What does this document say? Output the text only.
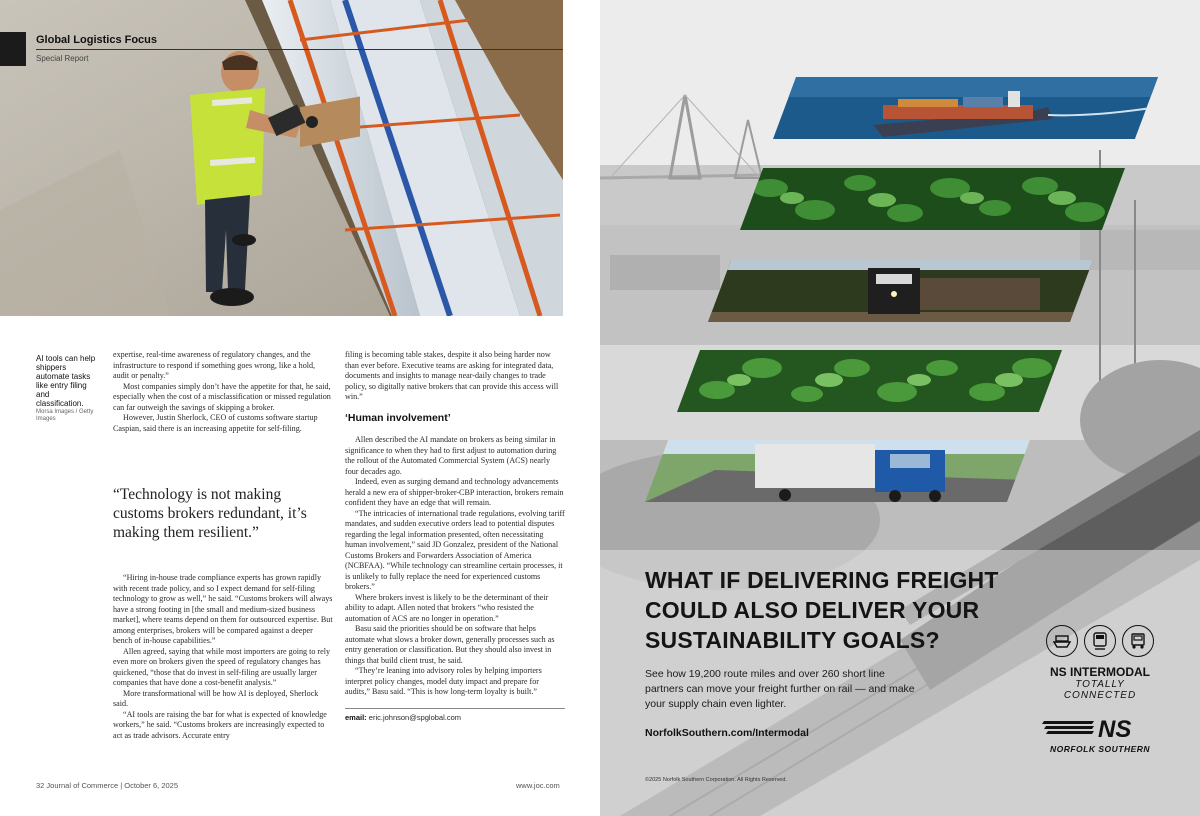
Global Logistics Focus
Special Report
AI tools can help shippers automate tasks like entry filing and classification.
Morsa Images / Getty Images

expertise, real-time awareness of regulatory changes, and the infrastructure to respond if something goes wrong, like a hold, audit or penalty.”

Most companies simply don’t have the appetite for that, he said, especially when the cost of a misclassification or missed regulation can far outweigh the savings of skipping a broker.

However, Justin Sherlock, CEO of customs software startup Caspian, said there is an increasing appetite for self-filing.

“Technology is not making customs brokers redundant, it’s making them resilient.”

“Hiring in-house trade compliance experts has grown rapidly with recent trade policy, and so I expect demand for self-filing technology to grow as well,” he said. “Customs brokers will always have a strong footing in [the small and medium-sized business market], where teams depend on them for outsourced expertise. But among enterprises, brokers will be compared against a deeper bench of in-house capabilities.”

Allen agreed, saying that while most importers are going to rely even more on brokers given the speed of regulatory changes has quickened, “those that do invest in self-filing are usually larger companies that have done a cost-benefit analysis.”

More transformational will be how AI is deployed, Sherlock said.

“AI tools are raising the bar for what is expected of knowledge workers,” he said. “Customs brokers are increasingly expected to act as trade advisors. Accurate entry

filing is becoming table stakes, despite it also being harder now than ever before. Executive teams are asking for integrated data, documents and insights to manage near-daily changes to trade policy, so digitally native brokers that can provide this access will win.”

‘Human involvement’

Allen described the AI mandate on brokers as being similar in significance to when they had to first adjust to automation during the rollout of the Automated Commercial System (ACS) nearly four decades ago.

Indeed, even as surging demand and technology advancements herald a new era of shipper-broker-CBP interaction, brokers remain confident they have an edge that will remain.

“The intricacies of international trade regulations, evolving tariff mandates, and sudden executive orders lead to potential disputes regarding the legal information presented, often necessitating human involvement,” said JD Gonzalez, president of the National Customs Brokers and Forwarders Association of America (NCBFAA). “While technology can streamline certain processes, it is unlikely to fully replace the need for experienced customs brokers.”

Where brokers invest is likely to be the determinant of their ability to adapt. Allen noted that brokers “who resisted the automation of ACS are no longer in operation.”

Basu said the priorities should be on software that helps automate what slows a broker down, generally processes such as entry generation or classification. But they should also invest in things that build client trust, he said.

“They’re leaning into advisory roles by helping importers interpret policy changes, model duty impact and prepare for audits,” Basu said. “This is how long-term loyalty is built.”

email: eric.johnson@spglobal.com
32 Journal of Commerce | October 6, 2025	www.joc.com
WHAT IF DELIVERING FREIGHT
COULD ALSO DELIVER YOUR
SUSTAINABILITY GOALS?
See how 19,200 route miles and over 260 short line partners can move your freight further on rail — and make your supply chain even lighter.
NorfolkSouthern.com/Intermodal
©2025 Norfolk Southern Corporation. All Rights Reserved.
NS INTERMODAL
TOTALLY CONNECTED
NS
NORFOLK SOUTHERN
